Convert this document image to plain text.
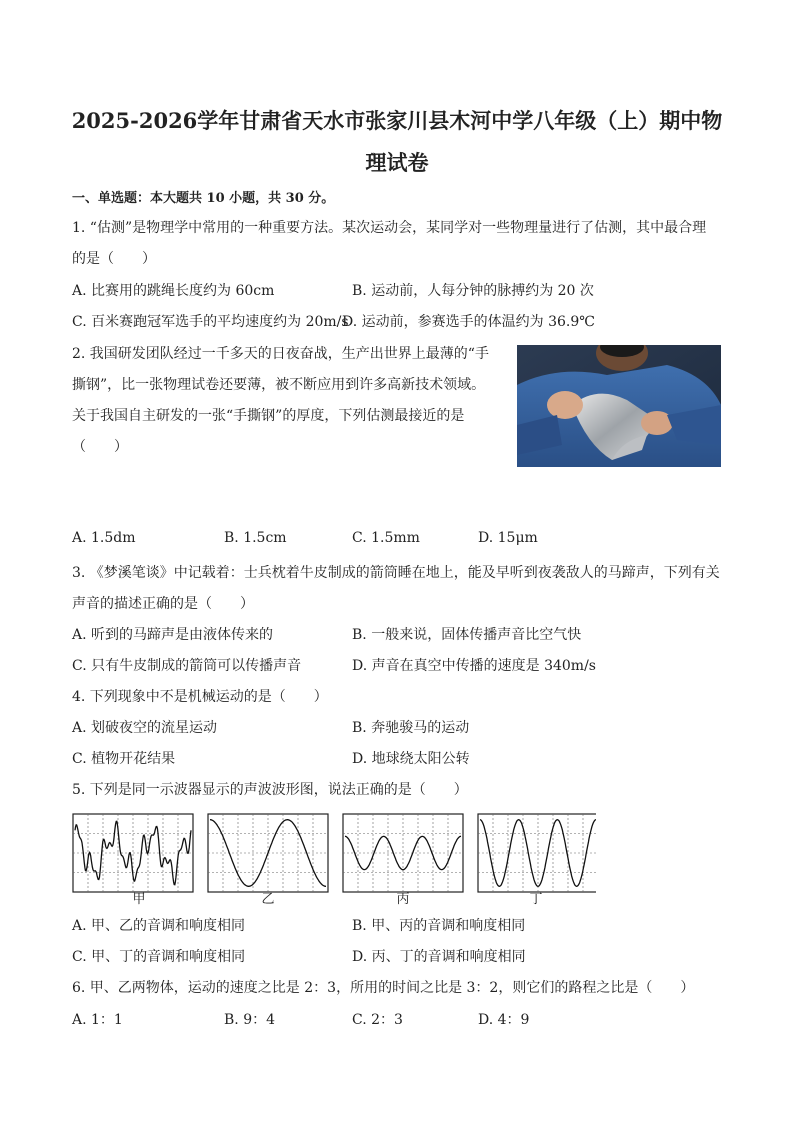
2025-2026学年甘肃省天水市张家川县木河中学八年级（上）期中物
理试卷
一、单选题：本大题共 10 小题，共 30 分。
1. “估测”是物理学中常用的一种重要方法。某次运动会，某同学对一些物理量进行了估测，其中最合理
的是（　　）
A. 比赛用的跳绳长度约为 60cm	B. 运动前，人每分钟的脉搏约为 20 次
C. 百米赛跑冠军选手的平均速度约为 20m/s
D. 运动前，参赛选手的体温约为 36.9℃
2. 我国研发团队经过一千多天的日夜奋战，生产出世界上最薄的“手
撕钢”，比一张物理试卷还要薄，被不断应用到许多高新技术领域。
关于我国自主研发的一张“手撕钢”的厚度，下列估测最接近的是
（　　）
A. 1.5dm	B. 1.5cm	C. 1.5mm	D. 15μm
3. 《梦溪笔谈》中记载着：士兵枕着牛皮制成的箭筒睡在地上，能及早听到夜袭敌人的马蹄声，下列有关
声音的描述正确的是（　　）
A. 听到的马蹄声是由液体传来的	B. 一般来说，固体传播声音比空气快
C. 只有牛皮制成的箭筒可以传播声音	D. 声音在真空中传播的速度是 340m/s
4. 下列现象中不是机械运动的是（　　）
A. 划破夜空的流星运动	B. 奔驰骏马的运动
C. 植物开花结果	D. 地球绕太阳公转
5. 下列是同一示波器显示的声波波形图，说法正确的是（　　）
甲	乙	丙	丁
A. 甲、乙的音调和响度相同	B. 甲、丙的音调和响度相同
C. 甲、丁的音调和响度相同	D. 丙、丁的音调和响度相同
6. 甲、乙两物体，运动的速度之比是 2：3，所用的时间之比是 3：2，则它们的路程之比是（　　）
A. 1：1	B. 9：4	C. 2：3	D. 4：9
